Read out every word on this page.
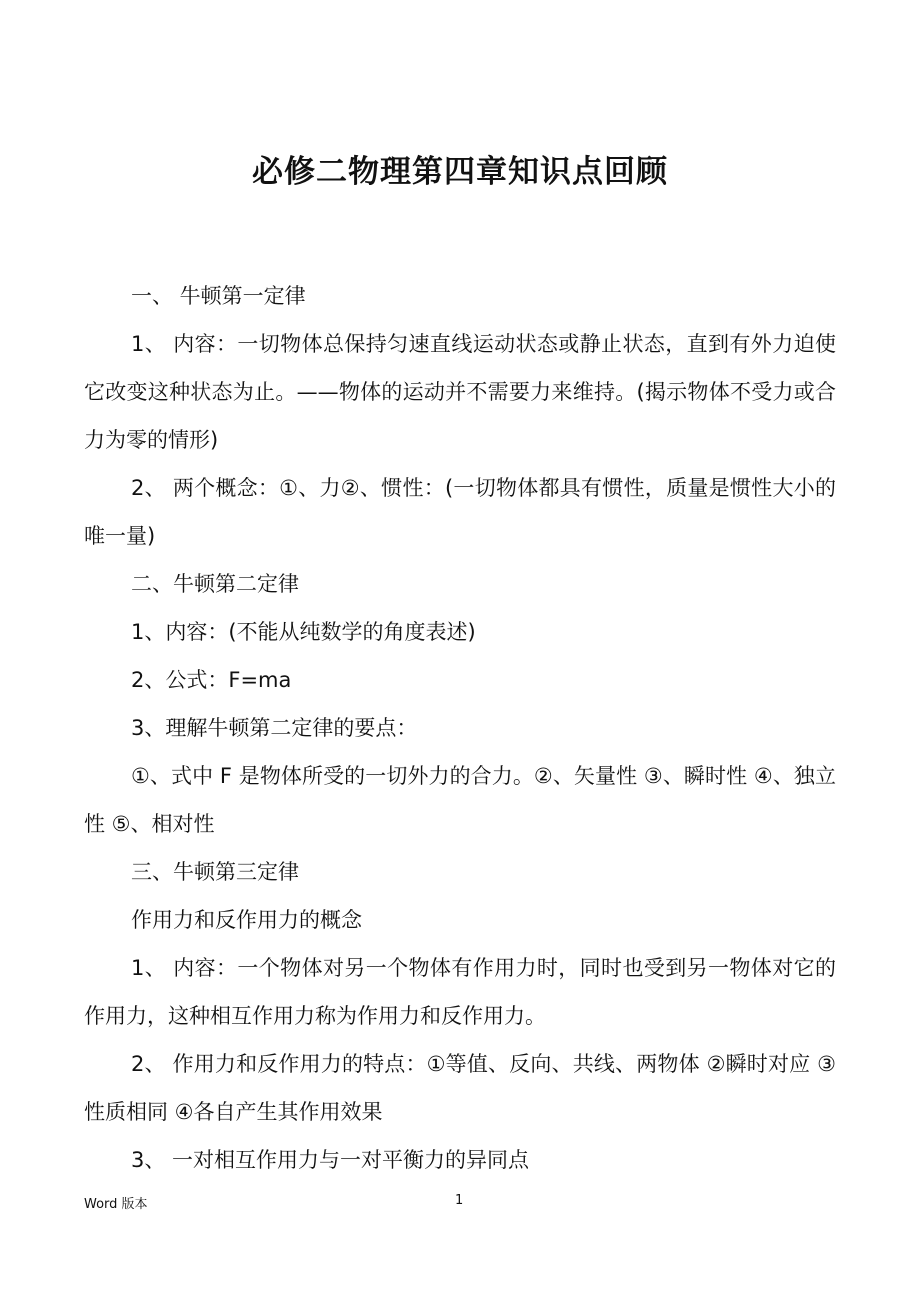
必修二物理第四章知识点回顾

一、 牛顿第一定律

1、 内容：一切物体总保持匀速直线运动状态或静止状态，直到有外力迫使它改变这种状态为止。——物体的运动并不需要力来维持。(揭示物体不受力或合力为零的情形)

2、 两个概念：①、力②、惯性：(一切物体都具有惯性，质量是惯性大小的唯一量)

二、牛顿第二定律

1、内容：(不能从纯数学的角度表述)

2、公式：F=ma

3、理解牛顿第二定律的要点：

①、式中 F 是物体所受的一切外力的合力。②、矢量性 ③、瞬时性 ④、独立性 ⑤、相对性

三、牛顿第三定律

作用力和反作用力的概念

1、 内容：一个物体对另一个物体有作用力时，同时也受到另一物体对它的作用力，这种相互作用力称为作用力和反作用力。

2、 作用力和反作用力的特点：①等值、反向、共线、两物体 ②瞬时对应 ③性质相同 ④各自产生其作用效果

3、 一对相互作用力与一对平衡力的异同点

Word 版本	1
